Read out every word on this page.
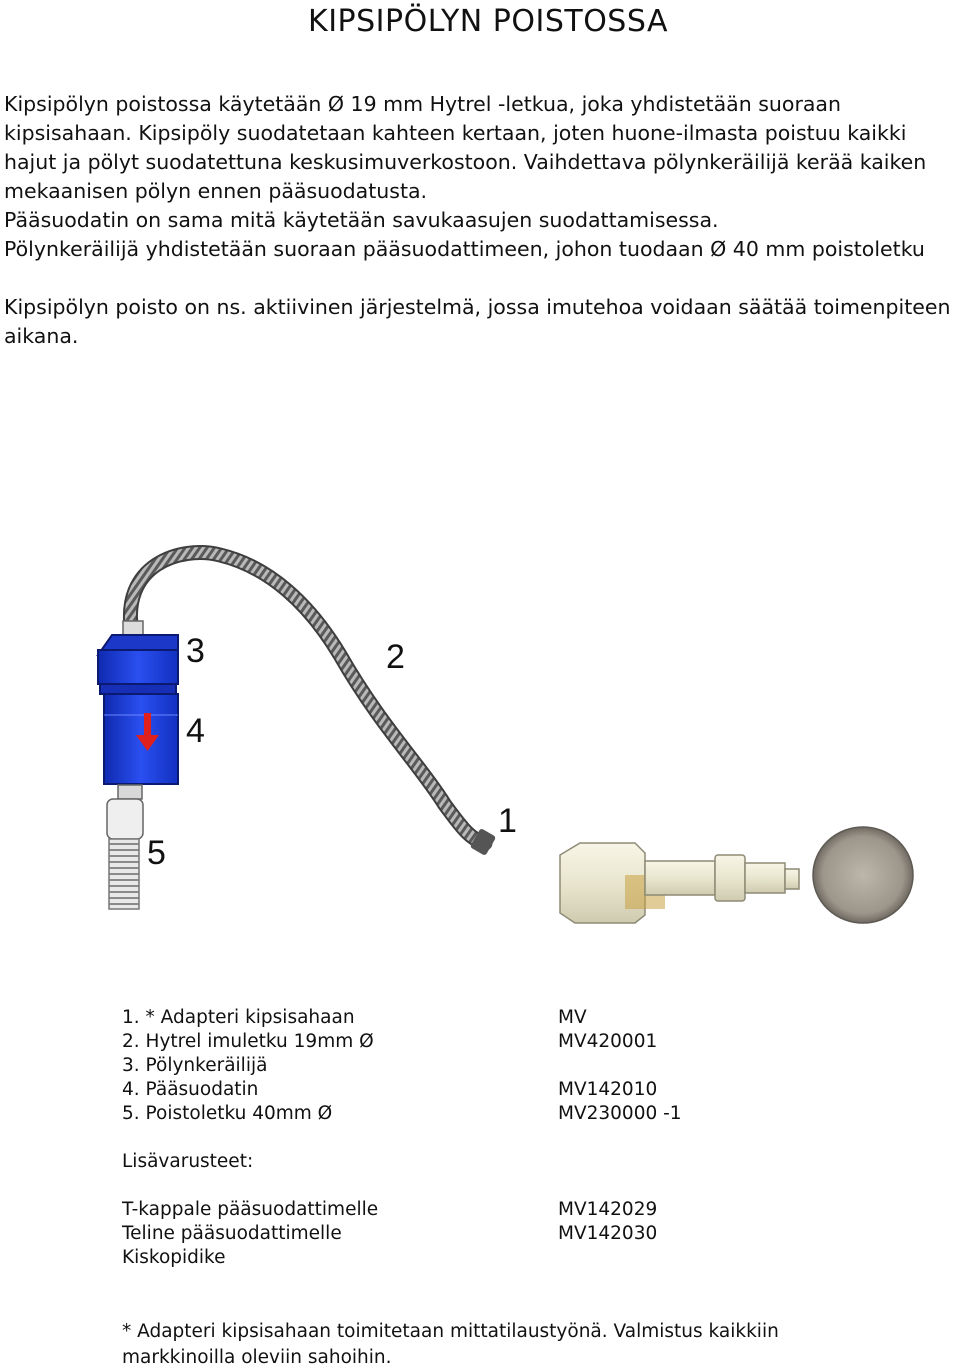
KIPSIPÖLYN POISTOSSA

Kipsipölyn poistossa käytetään Ø 19 mm Hytrel -letkua, joka yhdistetään suoraan kipsisahaan. Kipsipöly suodatetaan kahteen kertaan, joten huone-ilmasta poistuu kaikki hajut ja pölyt suodatettuna keskusimuverkostoon. Vaihdettava pölynkeräilijä kerää kaiken mekaanisen pölyn ennen pääsuodatusta.

Pääsuodatin on sama mitä käytetään savukaasujen suodattamisessa.

Pölynkeräilijä yhdistetään suoraan pääsuodattimeen, johon tuodaan Ø 40 mm poistoletku

Kipsipölyn poisto on ns. aktiivinen järjestelmä, jossa imutehoa voidaan säätää toimenpiteen aikana.

3	2
4
1
5
1. * Adapteri kipsisahaan	MV
2. Hytrel imuletku 19mm Ø	MV420001
3. Pölynkeräilijä
4. Pääsuodatin	MV142010
5. Poistoletku 40mm Ø	MV230000 -1
Lisävarusteet:
T-kappale pääsuodattimelle	MV142029
Teline pääsuodattimelle	MV142030
Kiskopidike

* Adapteri kipsisahaan toimitetaan mittatilaustyönä. Valmistus kaikkiin markkinoilla oleviin sahoihin.
